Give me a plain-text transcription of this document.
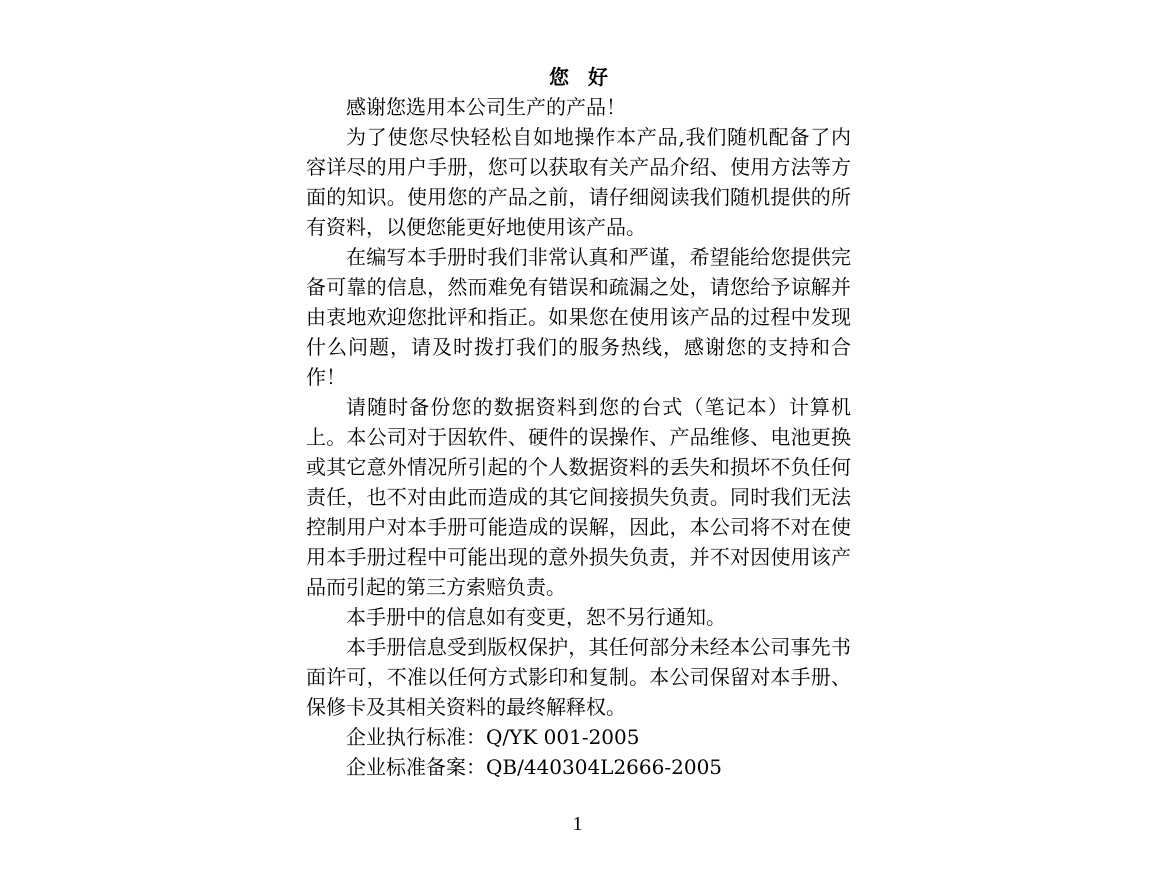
您 好

感谢您选用本公司生产的产品！

为了使您尽快轻松自如地操作本产品,我们随机配备了内容详尽的用户手册，您可以获取有关产品介绍、使用方法等方面的知识。使用您的产品之前，请仔细阅读我们随机提供的所有资料，以便您能更好地使用该产品。

在编写本手册时我们非常认真和严谨，希望能给您提供完备可靠的信息，然而难免有错误和疏漏之处，请您给予谅解并由衷地欢迎您批评和指正。如果您在使用该产品的过程中发现什么问题，请及时拨打我们的服务热线，感谢您的支持和合作！

请随时备份您的数据资料到您的台式（笔记本）计算机上。本公司对于因软件、硬件的误操作、产品维修、电池更换或其它意外情况所引起的个人数据资料的丢失和损坏不负任何责任，也不对由此而造成的其它间接损失负责。同时我们无法控制用户对本手册可能造成的误解，因此，本公司将不对在使用本手册过程中可能出现的意外损失负责，并不对因使用该产品而引起的第三方索赔负责。

本手册中的信息如有变更，恕不另行通知。

本手册信息受到版权保护，其任何部分未经本公司事先书面许可，不准以任何方式影印和复制。本公司保留对本手册、保修卡及其相关资料的最终解释权。

企业执行标准：Q/YK 001-2005

企业标准备案：QB/440304L2666-2005

1
